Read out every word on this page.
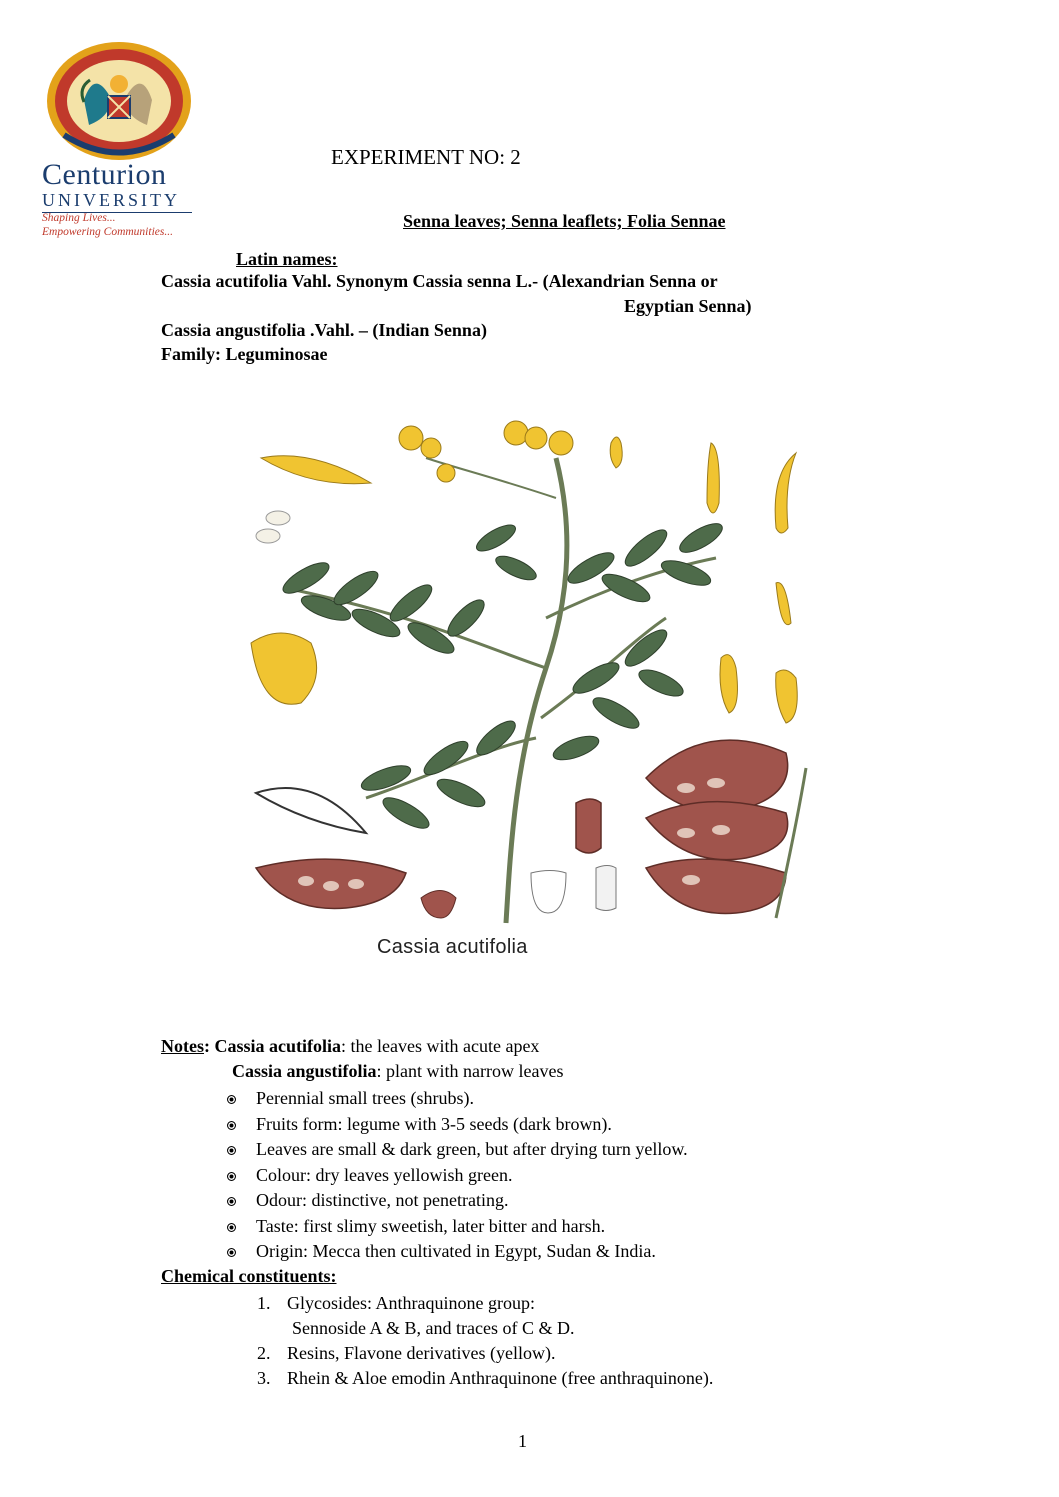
Centurion
UNIVERSITY
Shaping Lives...
Empowering Communities...
EXPERIMENT NO: 2
Senna leaves; Senna leaflets; Folia Sennae
Latin names:
Cassia acutifolia Vahl. Synonym Cassia senna L.- (Alexandrian Senna or
Egyptian Senna)
Cassia angustifolia .Vahl. – (Indian Senna)
Family: Leguminosae
Cassia acutifolia
Notes: Cassia acutifolia: the leaves with acute apex
Cassia angustifolia: plant with narrow leaves
Perennial small trees (shrubs).
Fruits form: legume with 3-5 seeds (dark brown).
Leaves are small & dark green, but after drying turn yellow.
Colour: dry leaves yellowish green.
Odour: distinctive, not penetrating.
Taste: first slimy sweetish, later bitter and harsh.
Origin: Mecca then cultivated in Egypt, Sudan & India.
Chemical constituents:
1. Glycosides: Anthraquinone group:
Sennoside A & B, and traces of C & D.
2. Resins, Flavone derivatives (yellow).
3. Rhein & Aloe emodin Anthraquinone (free anthraquinone).
1
